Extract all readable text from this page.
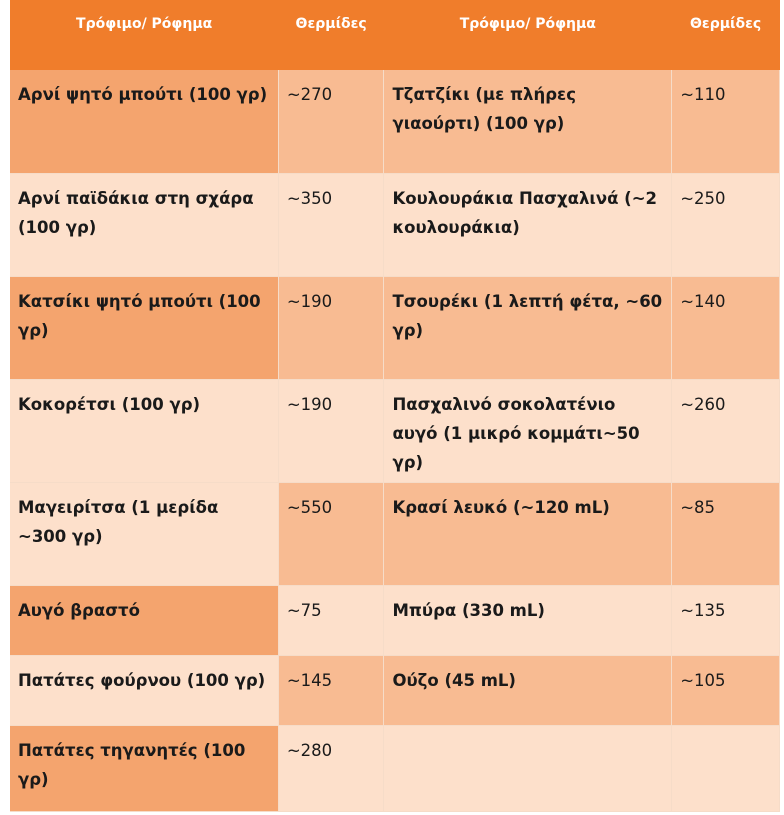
Τρόφιμο/ Ρόφημα	Θερμίδες	Τρόφιμο/ Ρόφημα	Θερμίδες
Αρνί ψητό μπούτι (100 γρ)	~270	Τζατζίκι (με πλήρες γιαούρτι) (100 γρ)	~110
Αρνί παϊδάκια στη σχάρα (100 γρ)	~350	Κουλουράκια Πασχαλινά (~2 κουλουράκια)	~250
Κατσίκι ψητό μπούτι (100 γρ)	~190	Τσουρέκι (1 λεπτή φέτα, ~60 γρ)	~140
Κοκορέτσι (100 γρ)	~190	Πασχαλινό σοκολατένιο αυγό (1 μικρό κομμάτι~50 γρ)	~260
Μαγειρίτσα (1 μερίδα ~300 γρ)	~550	Κρασί λευκό (~120 mL)	~85
Αυγό βραστό	~75	Μπύρα (330 mL)	~135
Πατάτες φούρνου (100 γρ)	~145	Ούζο (45 mL)	~105
Πατάτες τηγανητές (100 γρ)	~280		
